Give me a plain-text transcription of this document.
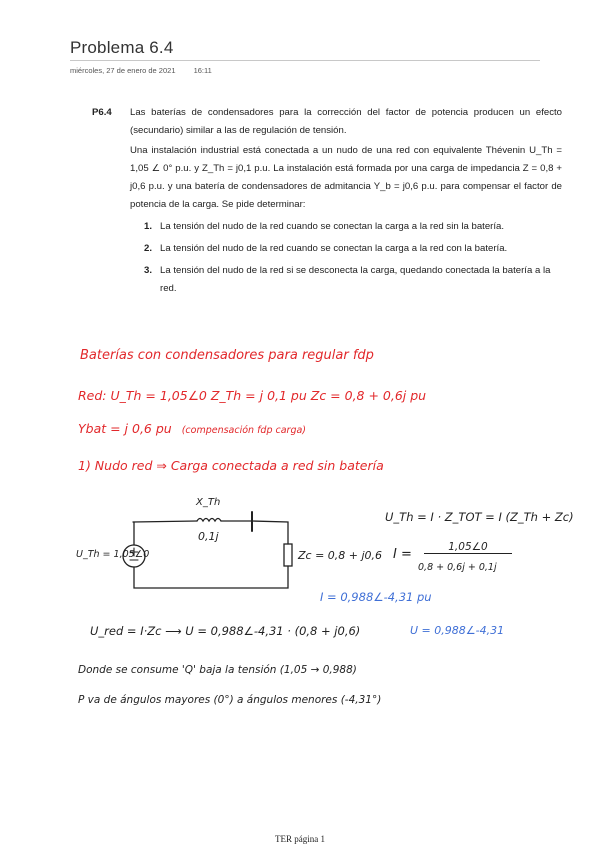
Problema 6.4
miércoles, 27 de enero de 2021 16:11
P6.4 Las baterías de condensadores para la corrección del factor de potencia producen un efecto (secundario) similar a las de regulación de tensión.
Una instalación industrial está conectada a un nudo de una red con equivalente Thévenin U_Th = 1,05 ∠ 0° p.u. y Z_Th = j0,1 p.u. La instalación está formada por una carga de impedancia Z = 0,8 + j0,6 p.u. y una batería de condensadores de admitancia Y_b = j0,6 p.u. para compensar el factor de potencia de la carga. Se pide determinar:
1. La tensión del nudo de la red cuando se conectan la carga a la red sin la batería.
2. La tensión del nudo de la red cuando se conectan la carga a la red con la batería.
3. La tensión del nudo de la red si se desconecta la carga, quedando conectada la batería a la red.
Baterías con condensadores para regular fdp
Red: U_Th = 1,05∠0 Z_Th = j 0,1 pu Zc = 0,8 + 0,6j pu
Ybat = j 0,6 pu (compensación fdp carga)
1) Nudo red ⇒ Carga conectada a red sin batería
X_Th
0,1j
U_Th = 1,05∠0	Zc = 0,8 + j0,6
U_Th = I · Z_TOT = I (Z_Th + Zc)
I =	1,05∠0
0,8 + 0,6j + 0,1j
I = 0,988∠-4,31 pu
U_red = I·Zc ⟶ U = 0,988∠-4,31 · (0,8 + j0,6)	U = 0,988∠-4,31
Donde se consume 'Q' baja la tensión (1,05 → 0,988)
P va de ángulos mayores (0°) a ángulos menores (-4,31°)
TER página 1
